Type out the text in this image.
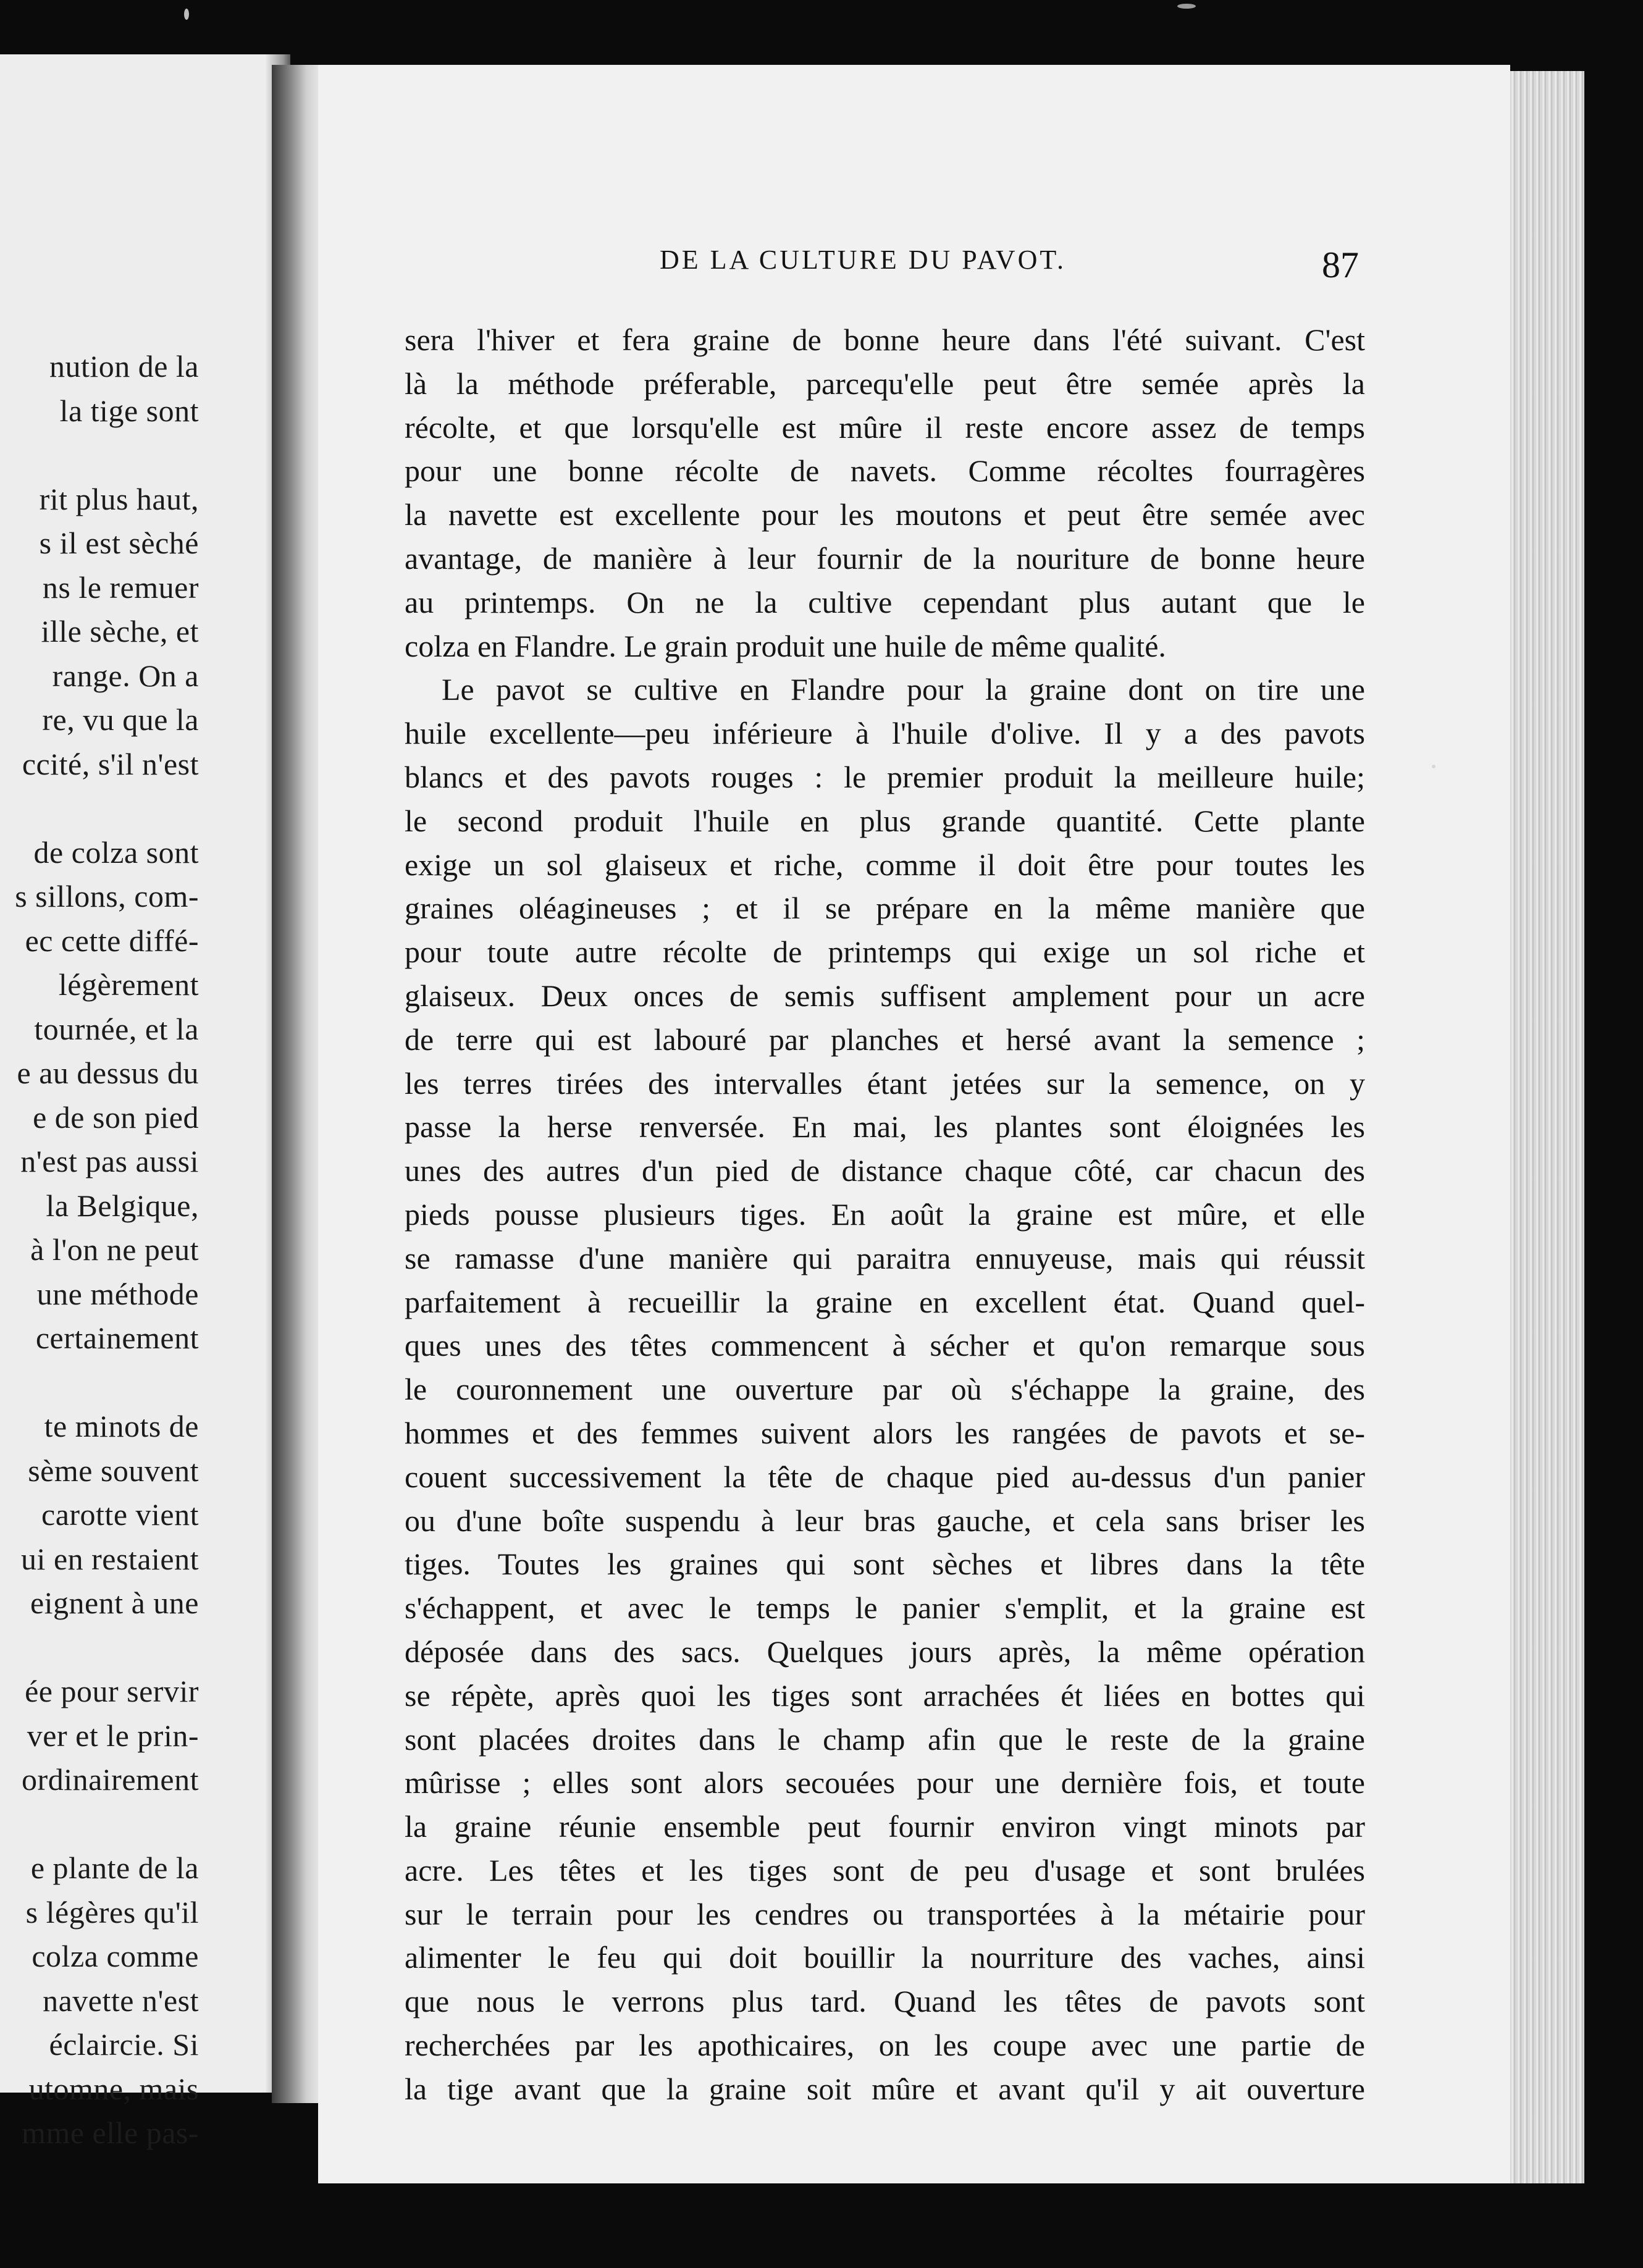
nution de la
la tige sont
rit plus haut,
s il est sèché
ns le remuer
ille sèche, et
range. On a
re, vu que la
ccité, s'il n'est
de colza sont
s sillons, com-
ec cette diffé-
légèrement
tournée, et la
e au dessus du
e de son pied
n'est pas aussi
la Belgique,
à l'on ne peut
une méthode
certainement
te minots de
sème souvent
carotte vient
ui en restaient
eignent à une
ée pour servir
ver et le prin-
ordinairement
e plante de la
s légères qu'il
colza comme
navette n'est
éclaircie. Si
utomne, mais
mme elle pas-
DE LA CULTURE DU PAVOT.	87
sera l'hiver et fera graine de bonne heure dans l'été suivant. C'est
là la méthode préferable, parcequ'elle peut être semée après la
récolte, et que lorsqu'elle est mûre il reste encore assez de temps
pour une bonne récolte de navets. Comme récoltes fourragères
la navette est excellente pour les moutons et peut être semée avec
avantage, de manière à leur fournir de la nouriture de bonne heure
au printemps. On ne la cultive cependant plus autant que le
colza en Flandre. Le grain produit une huile de même qualité.
Le pavot se cultive en Flandre pour la graine dont on tire une
huile excellente—peu inférieure à l'huile d'olive. Il y a des pavots
blancs et des pavots rouges : le premier produit la meilleure huile;
le second produit l'huile en plus grande quantité. Cette plante
exige un sol glaiseux et riche, comme il doit être pour toutes les
graines oléagineuses ; et il se prépare en la même manière que
pour toute autre récolte de printemps qui exige un sol riche et
glaiseux. Deux onces de semis suffisent amplement pour un acre
de terre qui est labouré par planches et hersé avant la semence ;
les terres tirées des intervalles étant jetées sur la semence, on y
passe la herse renversée. En mai, les plantes sont éloignées les
unes des autres d'un pied de distance chaque côté, car chacun des
pieds pousse plusieurs tiges. En août la graine est mûre, et elle
se ramasse d'une manière qui paraitra ennuyeuse, mais qui réussit
parfaitement à recueillir la graine en excellent état. Quand quel-
ques unes des têtes commencent à sécher et qu'on remarque sous
le couronnement une ouverture par où s'échappe la graine, des
hommes et des femmes suivent alors les rangées de pavots et se-
couent successivement la tête de chaque pied au-dessus d'un panier
ou d'une boîte suspendu à leur bras gauche, et cela sans briser les
tiges. Toutes les graines qui sont sèches et libres dans la tête
s'échappent, et avec le temps le panier s'emplit, et la graine est
déposée dans des sacs. Quelques jours après, la même opération
se répète, après quoi les tiges sont arrachées ét liées en bottes qui
sont placées droites dans le champ afin que le reste de la graine
mûrisse ; elles sont alors secouées pour une dernière fois, et toute
la graine réunie ensemble peut fournir environ vingt minots par
acre. Les têtes et les tiges sont de peu d'usage et sont brulées
sur le terrain pour les cendres ou transportées à la métairie pour
alimenter le feu qui doit bouillir la nourriture des vaches, ainsi
que nous le verrons plus tard. Quand les têtes de pavots sont
recherchées par les apothicaires, on les coupe avec une partie de
la tige avant que la graine soit mûre et avant qu'il y ait ouverture
